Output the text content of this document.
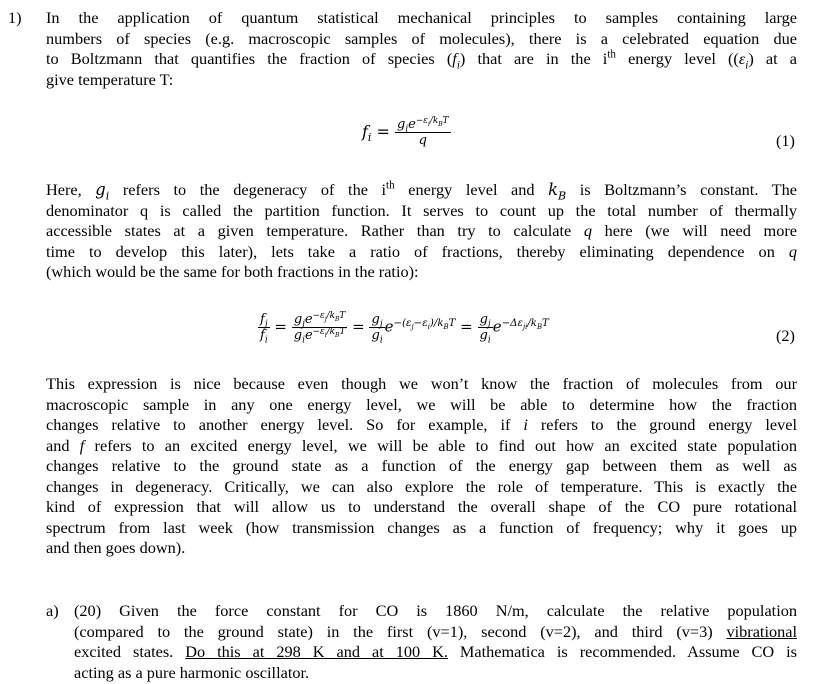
1) In the application of quantum statistical mechanical principles to samples containing large
numbers of species (e.g. macroscopic samples of molecules), there is a celebrated equation due
to Boltzmann that quantifies the fraction of species $(f_i)$ that are in the $i^{th}$ energy level ($(\varepsilon_i)$ at a
give temperature T:
$f_i = \frac{g_ie^{-\varepsilon_i/k_BT}}{q}$	(1)
Here, $g_i$ refers to the degeneracy of the $i^{th}$ energy level and $k_B$ is Boltzmann’s constant. The
denominator q is called the partition function. It serves to count up the total number of thermally
accessible states at a given temperature. Rather than try to calculate q here (we will need more
time to develop this later), lets take a ratio of fractions, thereby eliminating dependence on q
(which would be the same for both fractions in the ratio):
$\frac{f_j}{f_i} = \frac{g_je^{-\varepsilon_j/k_BT}}{g_ie^{-\varepsilon_i/k_BT}} = \frac{g_j}{g_i} e^{-(\varepsilon_j-\varepsilon_i)/k_BT} = \frac{g_j}{g_i} e^{-\Delta\varepsilon_{ji}/k_BT}$
(2)
This expression is nice because even though we won’t know the fraction of molecules from our
macroscopic sample in any one energy level, we will be able to determine how the fraction
changes relative to another energy level. So for example, if i refers to the ground energy level
and f refers to an excited energy level, we will be able to find out how an excited state population
changes relative to the ground state as a function of the energy gap between them as well as
changes in degeneracy. Critically, we can also explore the role of temperature. This is exactly the
kind of expression that will allow us to understand the overall shape of the CO pure rotational
spectrum from last week (how transmission changes as a function of frequency; why it goes up
and then goes down).
a) (20) Given the force constant for CO is 1860 N/m, calculate the relative population
(compared to the ground state) in the first (v=1), second (v=2), and third (v=3) vibrational
excited states. Do this at 298 K and at 100 K. Mathematica is recommended. Assume CO is
acting as a pure harmonic oscillator.
